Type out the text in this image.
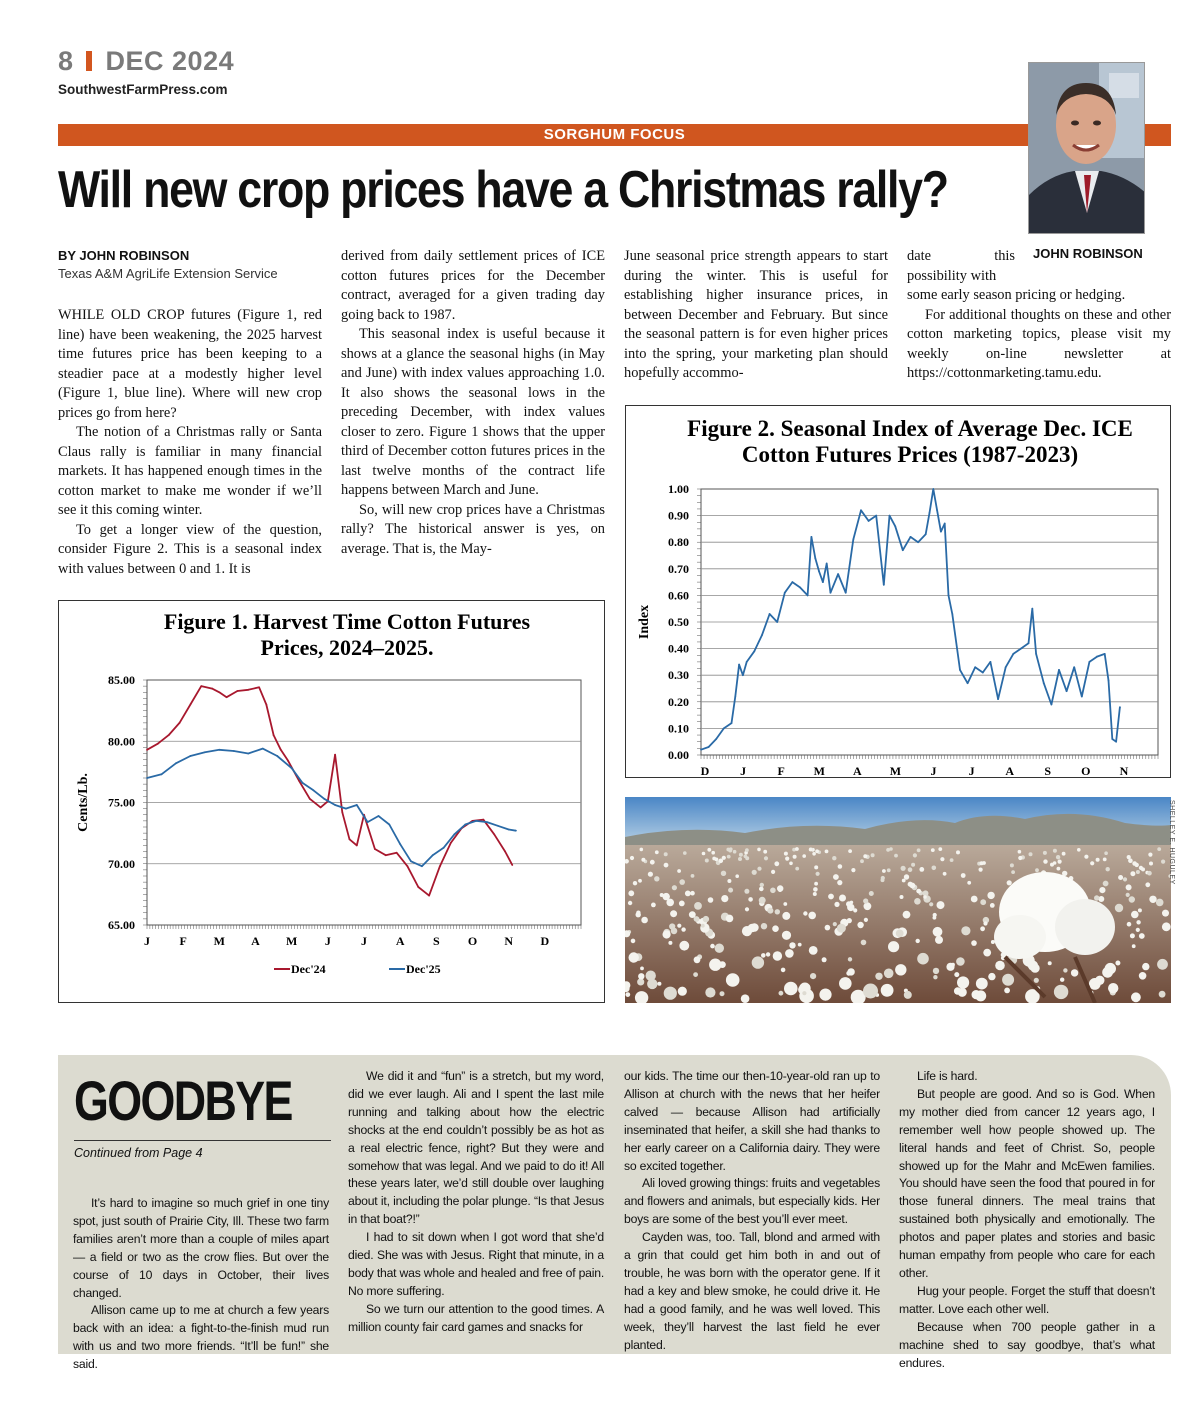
8 DEC 2024
SouthwestFarmPress.com
SORGHUM FOCUS
Will new crop prices have a Christmas rally?
BY JOHN ROBINSON
Texas A&M AgriLife Extension Service
JOHN ROBINSON

WHILE OLD CROP futures (Figure 1, red line) have been weakening, the 2025 harvest time futures price has been keeping to a steadier pace at a modestly higher level (Figure 1, blue line). Where will new crop prices go from here?

The notion of a Christmas rally or Santa Claus rally is familiar in many financial markets. It has happened enough times in the cotton market to make me wonder if we’ll see it this coming winter.

To get a longer view of the question, consider Figure 2. This is a seasonal index with values between 0 and 1. It is

derived from daily settlement prices of ICE cotton futures prices for the December contract, averaged for a given trading day going back to 1987.

This seasonal index is useful because it shows at a glance the seasonal highs (in May and June) with index values approaching 1.0. It also shows the seasonal lows in the preceding December, with index values closer to zero. Figure 1 shows that the upper third of December cotton futures prices in the last twelve months of the contract life happens between March and June.

So, will new crop prices have a Christmas rally? The historical answer is yes, on average. That is, the May-

June seasonal price strength appears to start during the winter. This is useful for establishing higher insurance prices, in between December and February. But since the seasonal pattern is for even higher prices into the spring, your marketing plan should hopefully accommo-

date this possibility with

some early season pricing or hedging.

For additional thoughts on these and other cotton marketing topics, please visit my weekly on-line newsletter at https://cottonmarketing.tamu.edu.

Figure 1. Harvest Time Cotton Futures
Prices, 2024–2025.
85.00
80.00
75.00
70.00
65.00
J F M A M J	J A S O N D
Cents/Lb.
Dec'24	Dec'25
Figure 2. Seasonal Index of Average Dec. ICE
Cotton Futures Prices (1987-2023)
1.00
0.90
0.80
0.70
0.60
0.50
0.40
0.30
0.20
0.10
0.00
D	J	F M A M J	J	A	S	O N
Index
SHELLEY E. HUGULEY
GOODBYE
Continued from Page 4

It’s hard to imagine so much grief in one tiny spot, just south of Prairie City, Ill. These two farm families aren’t more than a couple of miles apart — a field or two as the crow flies. But over the course of 10 days in October, their lives changed.

Allison came up to me at church a few years back with an idea: a fight-to-the-finish mud run with us and two more friends. “It’ll be fun!” she said.

We did it and “fun” is a stretch, but my word, did we ever laugh. Ali and I spent the last mile running and talking about how the electric shocks at the end couldn’t possibly be as hot as a real electric fence, right? But they were and somehow that was legal. And we paid to do it! All these years later, we’d still double over laughing about it, including the polar plunge. “Is that Jesus in that boat?!”

I had to sit down when I got word that she’d died. She was with Jesus. Right that minute, in a body that was whole and healed and free of pain. No more suffering.

So we turn our attention to the good times. A million county fair card games and snacks for

our kids. The time our then-10-year-old ran up to Allison at church with the news that her heifer calved — because Allison had artificially inseminated that heifer, a skill she had thanks to her early career on a California dairy. They were so excited together.

Ali loved growing things: fruits and vegetables and flowers and animals, but especially kids. Her boys are some of the best you’ll ever meet.

Cayden was, too. Tall, blond and armed with a grin that could get him both in and out of trouble, he was born with the operator gene. If it had a key and blew smoke, he could drive it. He had a good family, and he was well loved. This week, they’ll harvest the last field he ever planted.

Life is hard.

But people are good. And so is God. When my mother died from cancer 12 years ago, I remember well how people showed up. The literal hands and feet of Christ. So, people showed up for the Mahr and McEwen families. You should have seen the food that poured in for those funeral dinners. The meal trains that sustained both physically and emotionally. The photos and paper plates and stories and basic human empathy from people who care for each other.

Hug your people. Forget the stuff that doesn’t matter. Love each other well.

Because when 700 people gather in a machine shed to say goodbye, that’s what endures.
